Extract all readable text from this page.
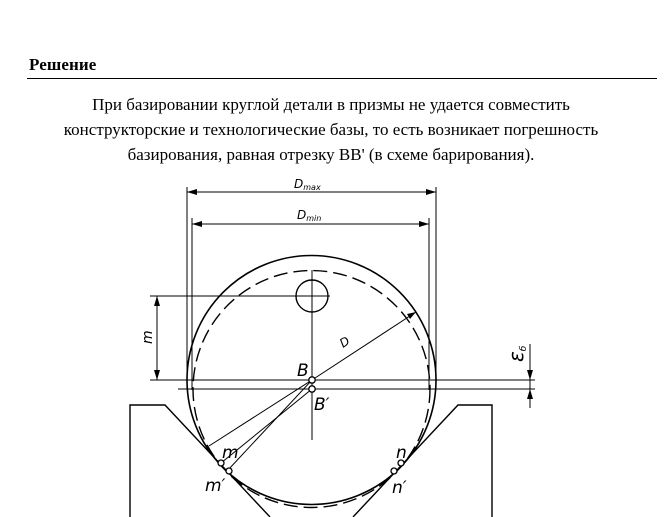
Решение
При базировании круглой детали в призмы не удается совместить
конструкторские и технологические базы, то есть возникает погрешность
базирования, равная отрезку ВВ' (в схеме барирования).
Dmax
Dmin
D
m
εб
B
B′
m
m′
n
n′
